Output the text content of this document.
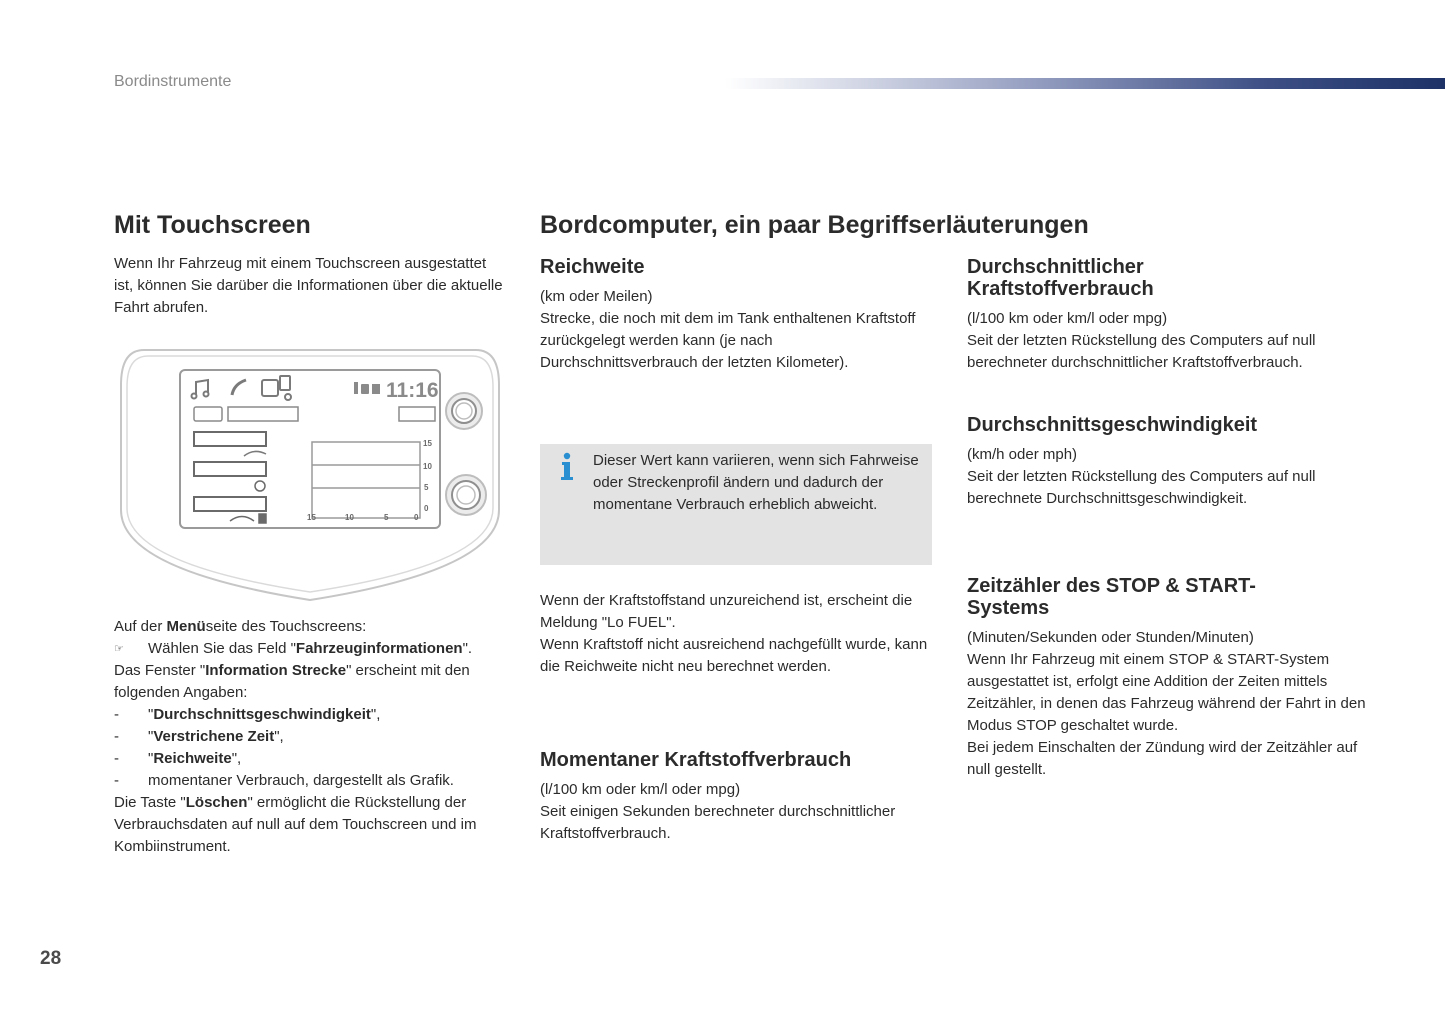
Bordinstrumente
Mit Touchscreen
Wenn Ihr Fahrzeug mit einem Touchscreen ausgestattet ist, können Sie darüber die Informationen über die aktuelle Fahrt abrufen.
11:16
15
10
5
0
15	10	5	0

Auf der Menüseite des Touchscreens:

☞	Wählen Sie das Feld "Fahrzeuginformationen".

Das Fenster "Information Strecke" erscheint mit den folgenden Angaben:

-	"Durchschnittsgeschwindigkeit",
-	"Verstrichene Zeit",
-	"Reichweite",
-	momentaner Verbrauch, dargestellt als Grafik.

Die Taste "Löschen" ermöglicht die Rückstellung der Verbrauchsdaten auf null auf dem Touchscreen und im Kombiinstrument.

Bordcomputer, ein paar Begriffserläuterungen
Reichweite

(km oder Meilen)

Strecke, die noch mit dem im Tank enthaltenen Kraftstoff zurückgelegt werden kann (je nach Durchschnittsverbrauch der letzten Kilometer).

Dieser Wert kann variieren, wenn sich Fahrweise oder Streckenprofil ändern und dadurch der momentane Verbrauch erheblich abweicht.

Wenn der Kraftstoffstand unzureichend ist, erscheint die Meldung "Lo FUEL".

Wenn Kraftstoff nicht ausreichend nachgefüllt wurde, kann die Reichweite nicht neu berechnet werden.

Momentaner Kraftstoffverbrauch

(l/100 km oder km/l oder mpg)

Seit einigen Sekunden berechneter durchschnittlicher Kraftstoffverbrauch.

Durchschnittlicher
Kraftstoffverbrauch

(l/100 km oder km/l oder mpg)

Seit der letzten Rückstellung des Computers auf null berechneter durchschnittlicher Kraftstoffverbrauch.

Durchschnittsgeschwindigkeit

(km/h oder mph)

Seit der letzten Rückstellung des Computers auf null berechnete Durchschnittsgeschwindigkeit.

Zeitzähler des STOP & START-
Systems

(Minuten/Sekunden oder Stunden/Minuten)

Wenn Ihr Fahrzeug mit einem STOP & START-System ausgestattet ist, erfolgt eine Addition der Zeiten mittels Zeitzähler, in denen das Fahrzeug während der Fahrt in den Modus STOP geschaltet wurde.

Bei jedem Einschalten der Zündung wird der Zeitzähler auf null gestellt.

28
